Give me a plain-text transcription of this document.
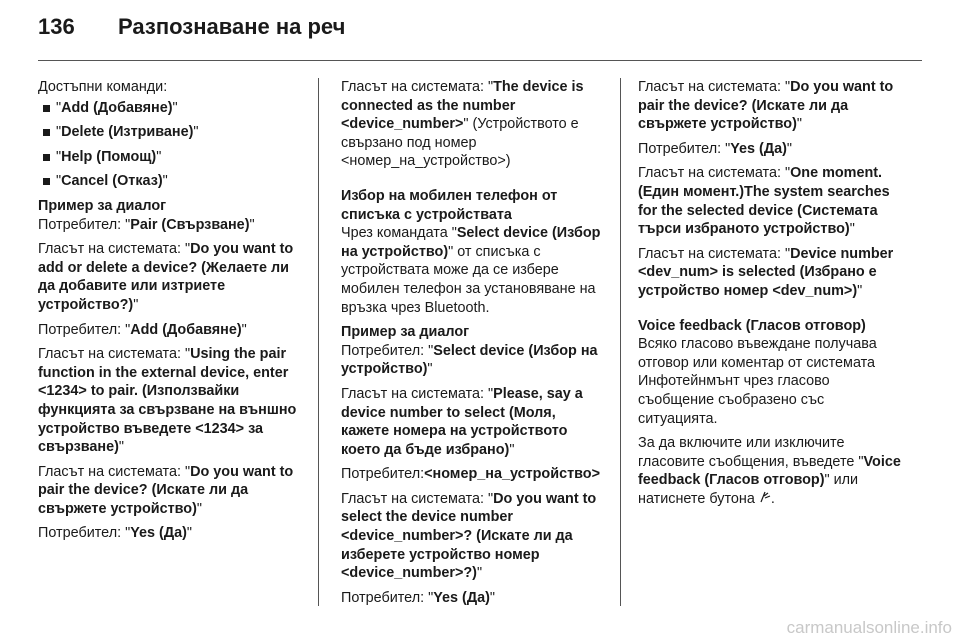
136	Разпознаване на реч

Достъпни команди:

"Add (Добавяне)"
"Delete (Изтриване)"
"Help (Помощ)"
"Cancel (Отказ)"

Пример за диалог

Потребител: "Pair (Свързване)"

Гласът на системата: "Do you want to add or delete a device? (Желаете ли да добавите или изтриете устройство?)"

Потребител: "Add (Добавяне)"

Гласът на системата: "Using the pair function in the external device, enter <1234> to pair. (Използвайки функцията за свързване на външно устройство въведете <1234> за свързване)"

Гласът на системата: "Do you want to pair the device? (Искате ли да свържете устройство)"

Потребител: "Yes (Да)"

Гласът на системата: "The device is connected as the number <device_number>" (Устройството е свързано под номер <номер_на_устройство>)

Избор на мобилен телефон от списъка с устройствата

Чрез командата "Select device (Избор на устройство)" от списъка с устройствата може да се избере мобилен телефон за установяване на връзка чрез Bluetooth.

Пример за диалог

Потребител: "Select device (Избор на устройство)"

Гласът на системата: "Please, say a device number to select (Моля, кажете номера на устройството което да бъде избрано)"

Потребител:<номер_на_устройство>

Гласът на системата: "Do you want to select the device number <device_number>? (Искате ли да изберете устройство номер <device_number>?)"

Потребител: "Yes (Да)"

Гласът на системата: "Do you want to pair the device? (Искате ли да свържете устройство)"

Потребител: "Yes (Да)"

Гласът на системата: "One moment. (Един момент.)The system searches for the selected device (Системата търси избраното устройство)"

Гласът на системата: "Device number <dev_num> is selected (Избрано е устройство номер <dev_num>)"

Voice feedback (Гласов отговор)

Всяко гласово въвеждане получава отговор или коментар от системата Инфотейнмънт чрез гласово съобщение съобразено със ситуацията.

За да включите или изключите гласовите съобщения, въведете "Voice feedback (Гласов отговор)" или натиснете бутона .

carmanualsonline.info
